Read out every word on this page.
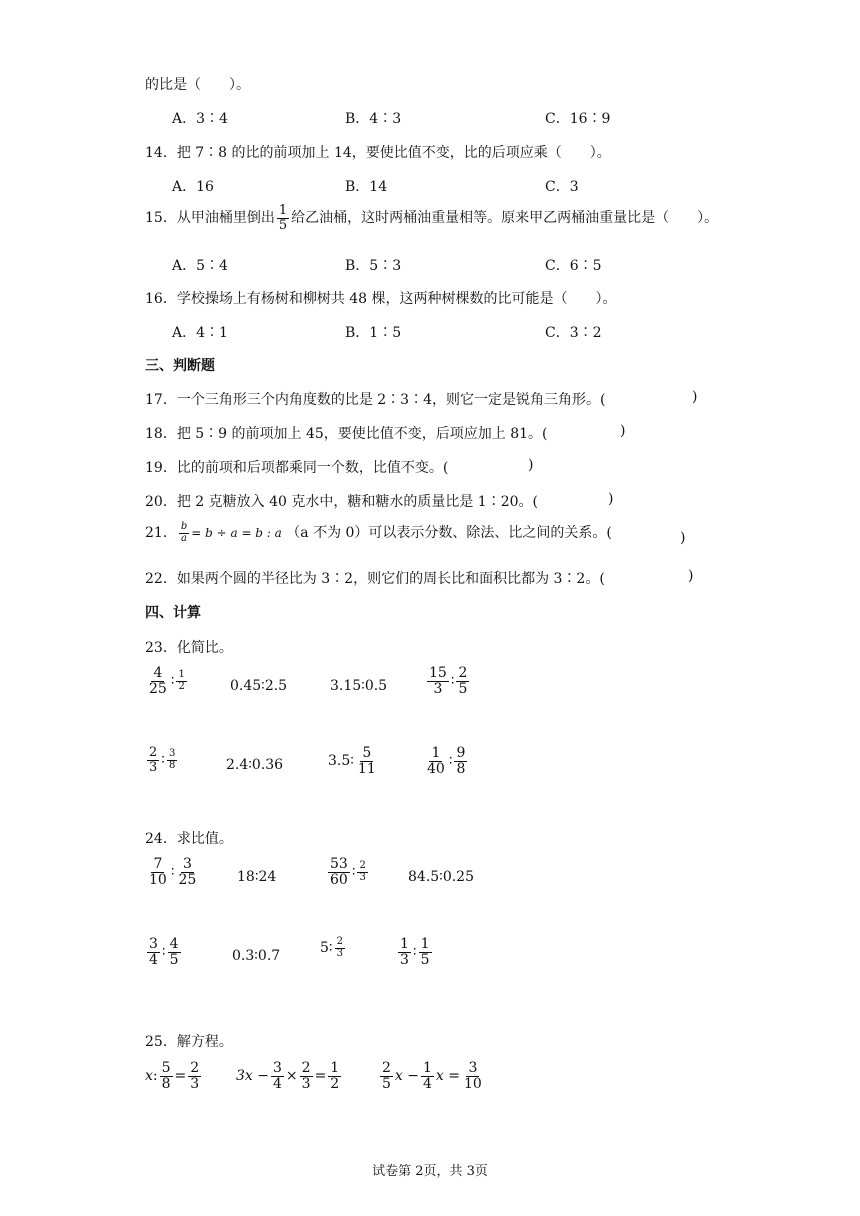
的比是（　　）。
A．3∶4	B．4∶3	C．16∶9
14．把 7∶8 的比的前项加上 14，要使比值不变，比的后项应乘（　　）。
A．16	B．14	C．3
15．从甲油桶里倒出 $\frac{1}{5}$ 给乙油桶，这时两桶油重量相等。原来甲乙两桶油重量比是（　　）。
A．5∶4	B．5∶3	C．6∶5
16．学校操场上有杨树和柳树共 48 棵，这两种树棵数的比可能是（　　）。
A．4∶1	B．1∶5	C．3∶2
三、判断题
17．一个三角形三个内角度数的比是 2∶3∶4，则它一定是锐角三角形。(	)
18．把 5∶9 的前项加上 45，要使比值不变，后项应加上 81。(	)
19．比的前项和后项都乘同一个数，比值不变。(	)
20．把 2 克糖放入 40 克水中，糖和糖水的质量比是 1∶20。(	)
21． $\frac{b}{a} = b \div a = b$ : a （a 不为 0）可以表示分数、除法、比之间的关系。(	)
22．如果两个圆的半径比为 3∶2，则它们的周长比和面积比都为 3∶2。(	)
四、计算
23．化简比。
$\frac{4}{25}$ ∶ $\frac{1}{2}$	0.45∶2.5	3.15∶0.5	$\frac{15}{3}$ ∶ $\frac{2}{5}$
$\frac{2}{3}$ ∶ $\frac{3}{8}$	2.4∶0.36	3.5∶ $\frac{5}{11}$	$\frac{1}{40}$ ∶ $\frac{9}{8}$
24．求比值。
$\frac{7}{10}$ ∶ $\frac{3}{25}$	18∶24	$\frac{53}{60}$ ∶ $\frac{2}{3}$	84.5∶0.25
$\frac{3}{4}$ ∶ $\frac{4}{5}$	0.3∶0.7	5∶ $\frac{2}{3}$	$\frac{1}{3}$ ∶ $\frac{1}{5}$
25．解方程。
x: $\frac{5}{8} = \frac{2}{3} 3x - \frac{3}{4} \times \frac{2}{3} = \frac{1}{2}$	$\frac{2}{5}$ $x - \frac{1}{4}$ $x = \frac{3}{10}$
试卷第 2页，共 3页
